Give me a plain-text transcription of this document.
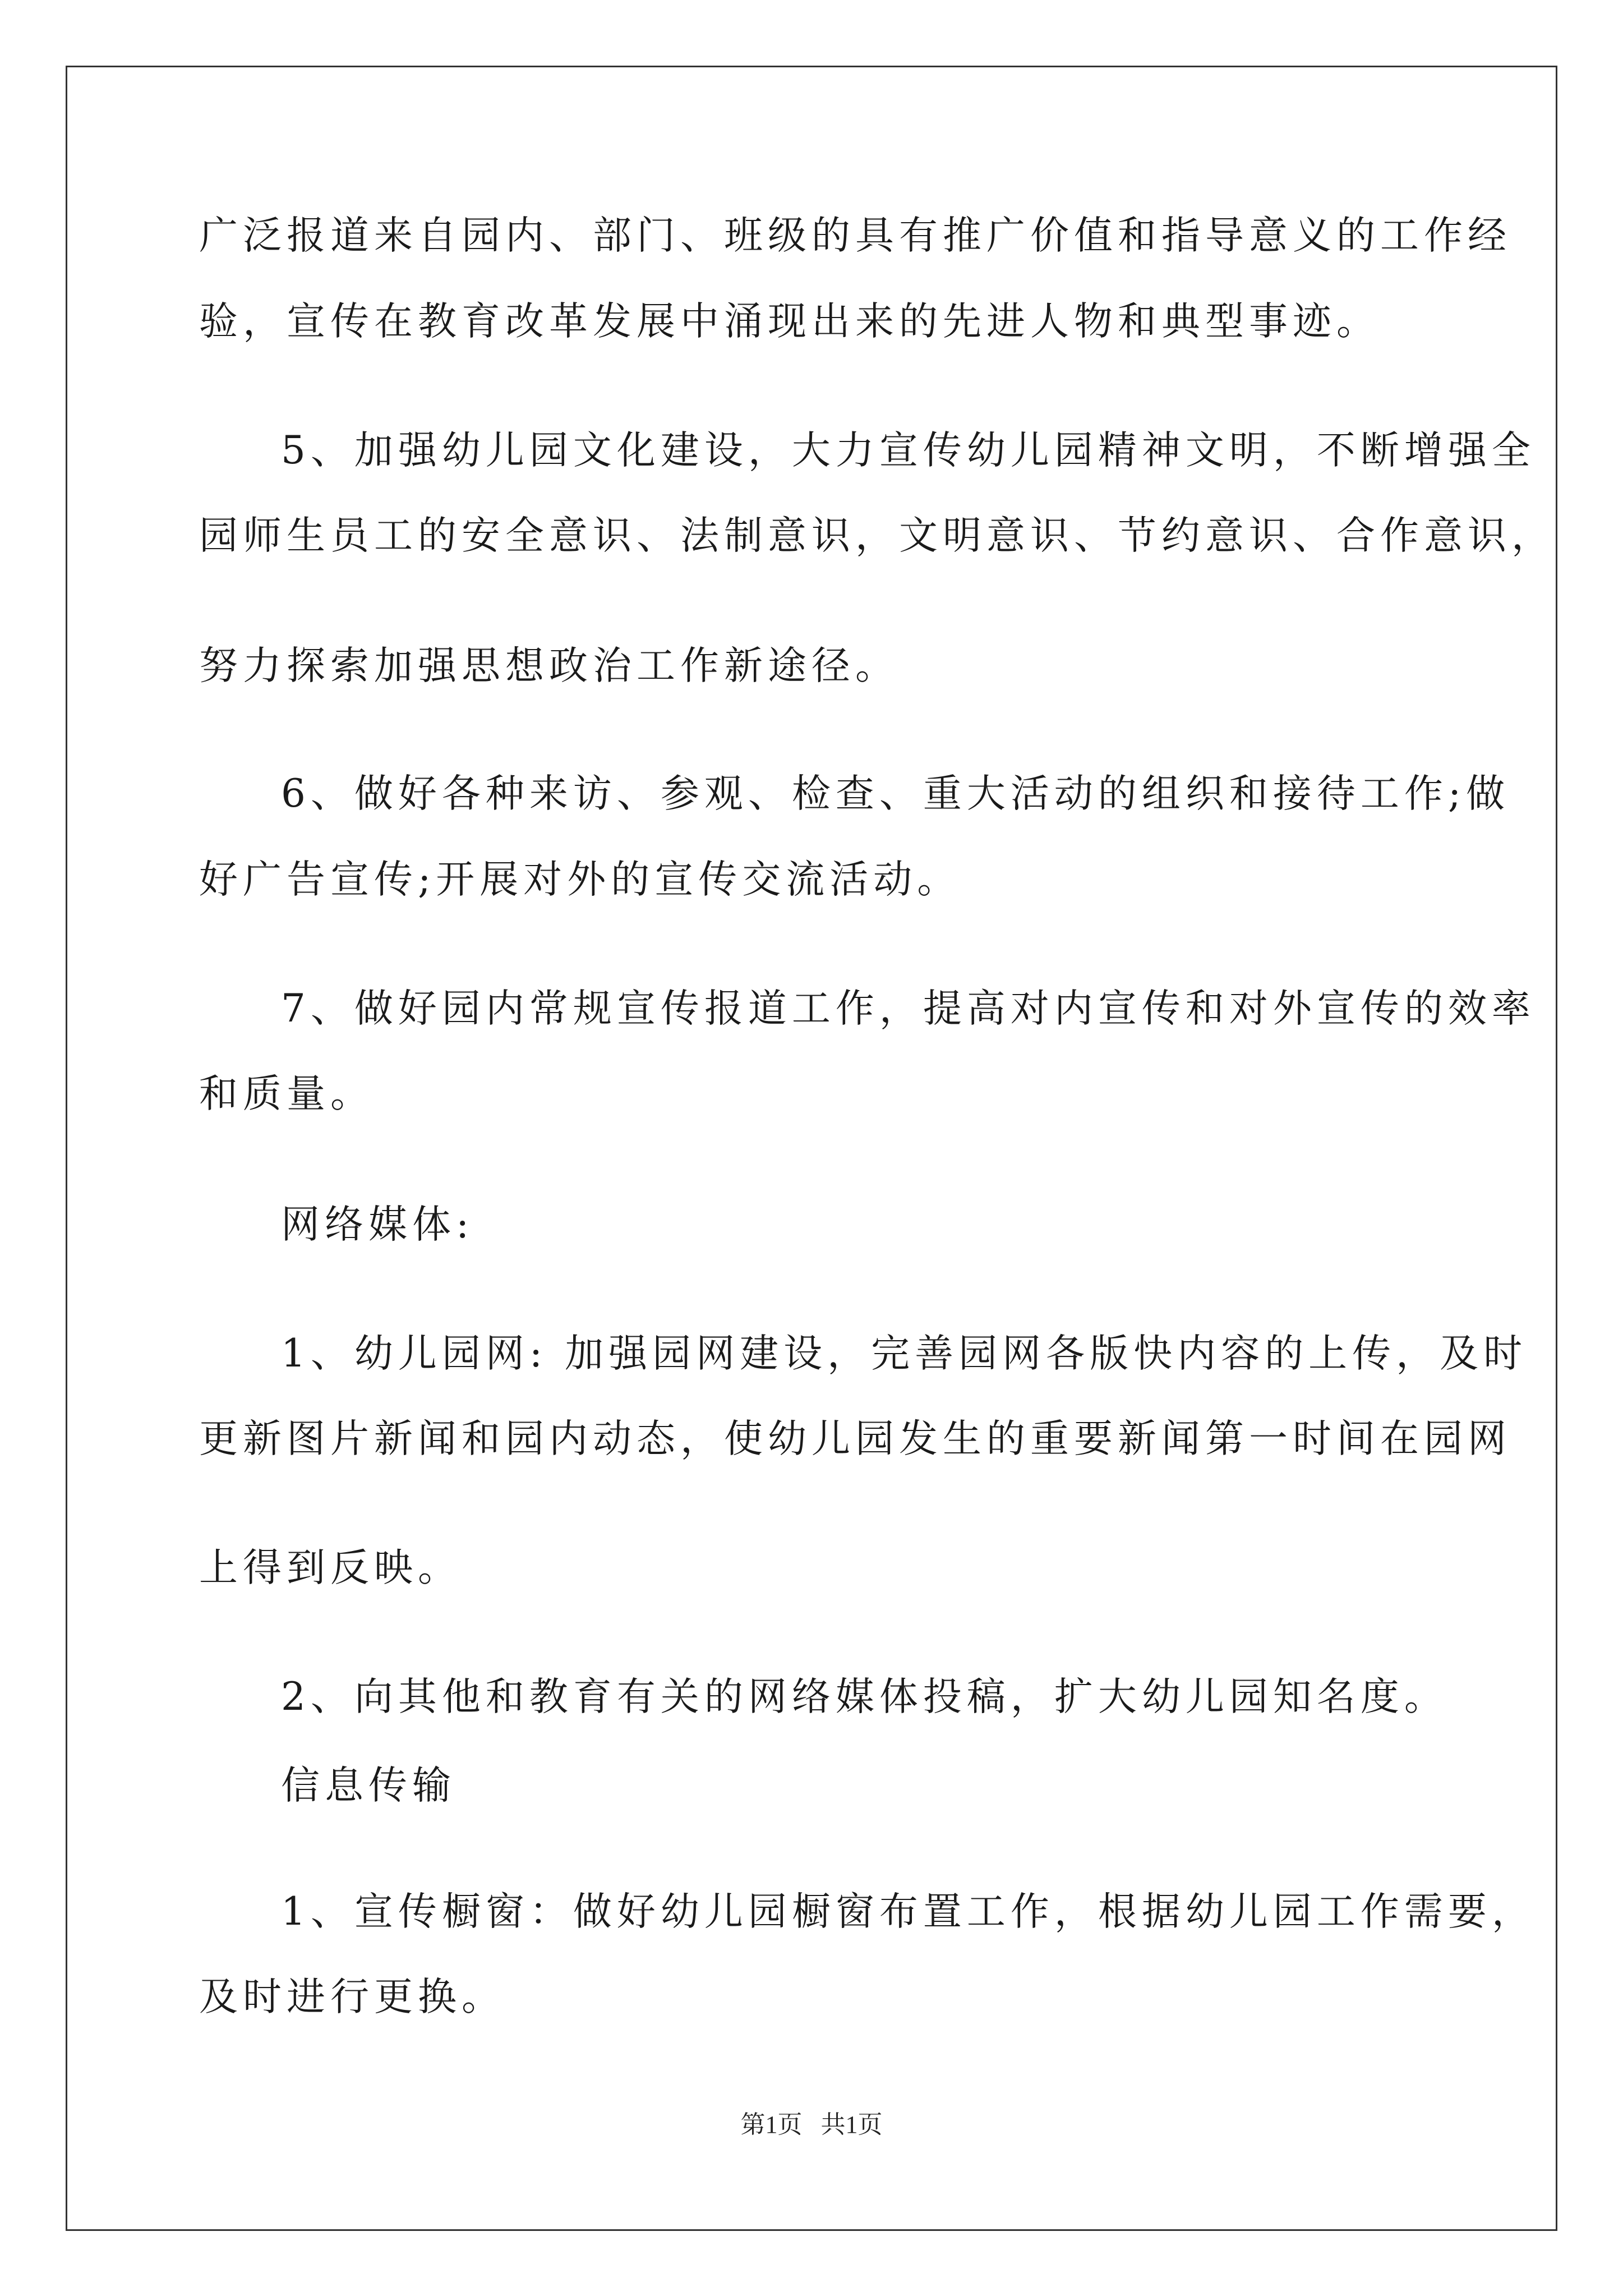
广泛报道来自园内、部门、班级的具有推广价值和指导意义的工作经
验，宣传在教育改革发展中涌现出来的先进人物和典型事迹。
5、加强幼儿园文化建设，大力宣传幼儿园精神文明，不断增强全
园师生员工的安全意识、法制意识，文明意识、节约意识、合作意识，
努力探索加强思想政治工作新途径。
6、做好各种来访、参观、检查、重大活动的组织和接待工作;做
好广告宣传;开展对外的宣传交流活动。
7、做好园内常规宣传报道工作，提高对内宣传和对外宣传的效率
和质量。
网络媒体:
1、幼儿园网: 加强园网建设，完善园网各版快内容的上传，及时
更新图片新闻和园内动态，使幼儿园发生的重要新闻第一时间在园网
上得到反映。
2、向其他和教育有关的网络媒体投稿，扩大幼儿园知名度。
信息传输
1、宣传橱窗：做好幼儿园橱窗布置工作，根据幼儿园工作需要，
及时进行更换。
第1页   共1页
